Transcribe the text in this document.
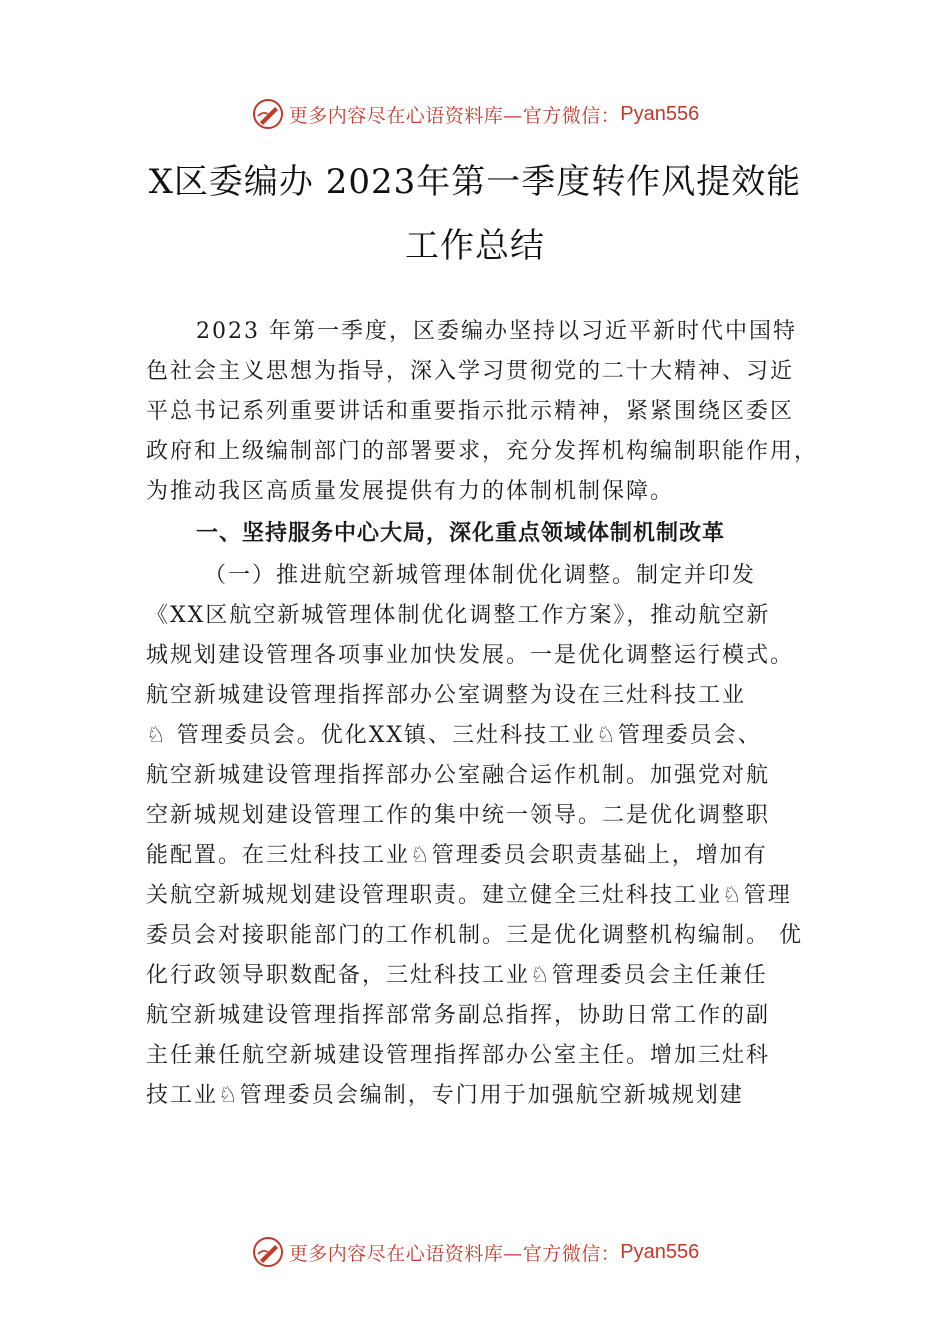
更多内容尽在心语资料库—官方微信： Pyan556
X区委编办 2023年第一季度转作风提效能
工作总结
2023 年第一季度，区委编办坚持以习近平新时代中国特
色社会主义思想为指导，深入学习贯彻党的二十大精神、习近
平总书记系列重要讲话和重要指示批示精神，紧紧围绕区委区
政府和上级编制部门的部署要求，充分发挥机构编制职能作用，
为推动我区高质量发展提供有力的体制机制保障。
一、坚持服务中心大局，深化重点领域体制机制改革
（一）推进航空新城管理体制优化调整。制定并印发
《XX区航空新城管理体制优化调整工作方案》，推动航空新
城规划建设管理各项事业加快发展。一是优化调整运行模式。
航空新城建设管理指挥部办公室调整为设在三灶科技工业
♘ 管理委员会。优化XX镇、三灶科技工业♘管理委员会、
航空新城建设管理指挥部办公室融合运作机制。加强党对航
空新城规划建设管理工作的集中统一领导。二是优化调整职
能配置。在三灶科技工业♘管理委员会职责基础上，增加有
关航空新城规划建设管理职责。建立健全三灶科技工业♘管理
委员会对接职能部门的工作机制。三是优化调整机构编制。 优
化行政领导职数配备，三灶科技工业♘管理委员会主任兼任
航空新城建设管理指挥部常务副总指挥，协助日常工作的副
主任兼任航空新城建设管理指挥部办公室主任。增加三灶科
技工业♘管理委员会编制，专门用于加强航空新城规划建
更多内容尽在心语资料库—官方微信： Pyan556
